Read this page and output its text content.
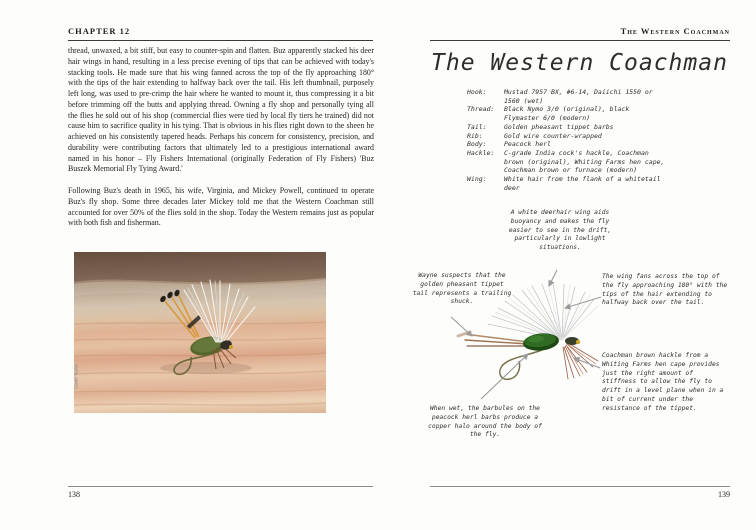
CHAPTER 12

thread, unwaxed, a bit stiff, but easy to counter-spin and flatten. Buz apparently stacked his deer hair wings in hand, resulting in a less precise evening of tips that can be achieved with today's stacking tools. He made sure that his wing fanned across the top of the fly approaching 180° with the tips of the hair extending to halfway back over the tail. His left thumbnail, purposely left long, was used to pre-crimp the hair where he wanted to mount it, thus compressing it a bit before trimming off the butts and applying thread. Owning a fly shop and personally tying all the flies he sold out of his shop (commercial flies were tied by local fly tiers he trained) did not cause him to sacrifice quality in his tying. That is obvious in his flies right down to the sheen he achieved on his consistently tapered heads. Perhaps his concern for consistency, precision, and durability were contributing factors that ultimately led to a prestigious international award named in his honor – Fly Fishers International (originally Federation of Fly Fishers) 'Buz Buszek Memorial Fly Tying Award.'

Following Buz's death in 1965, his wife, Virginia, and Mickey Powell, continued to operate Buz's fly shop. Some three decades later Mickey told me that the Western Coachman still accounted for over 50% of the flies sold in the shop. Today the Western remains just as popular with both fish and fisherman.

David Taylor
138
The Western Coachman
The Western Coachman
Hook:	Mustad 7957 BX, #6-14, Daiichi 1550 or 1560 (wet)
Thread:	Black Nymo 3/0 (original), black Flymaster 6/0 (modern)
Tail:	Golden pheasant tippet barbs
Rib:	Gold wire counter-wrapped
Body:	Peacock herl
Hackle:	C-grade India cock's hackle, Coachman brown (original), Whiting Farms hen cape, Coachman brown or furnace (modern)
Wing:	White hair from the flank of a whitetail deer
A white deerhair wing aids buoyancy and makes the fly easier to see in the drift, particularly in lowlight situations.
Wayne suspects that the golden pheasant tippet tail represents a trailing shuck.
The wing fans across the top of the fly approaching 180° with the tips of the hair extending to halfway back over the tail.
Coachman brown hackle from a Whiting Farms hen cape provides just the right amount of stiffness to allow the fly to drift in a level plane when in a bit of current under the resistance of the tippet.
When wet, the barbules on the peacock herl barbs produce a copper halo around the body of the fly.
139
